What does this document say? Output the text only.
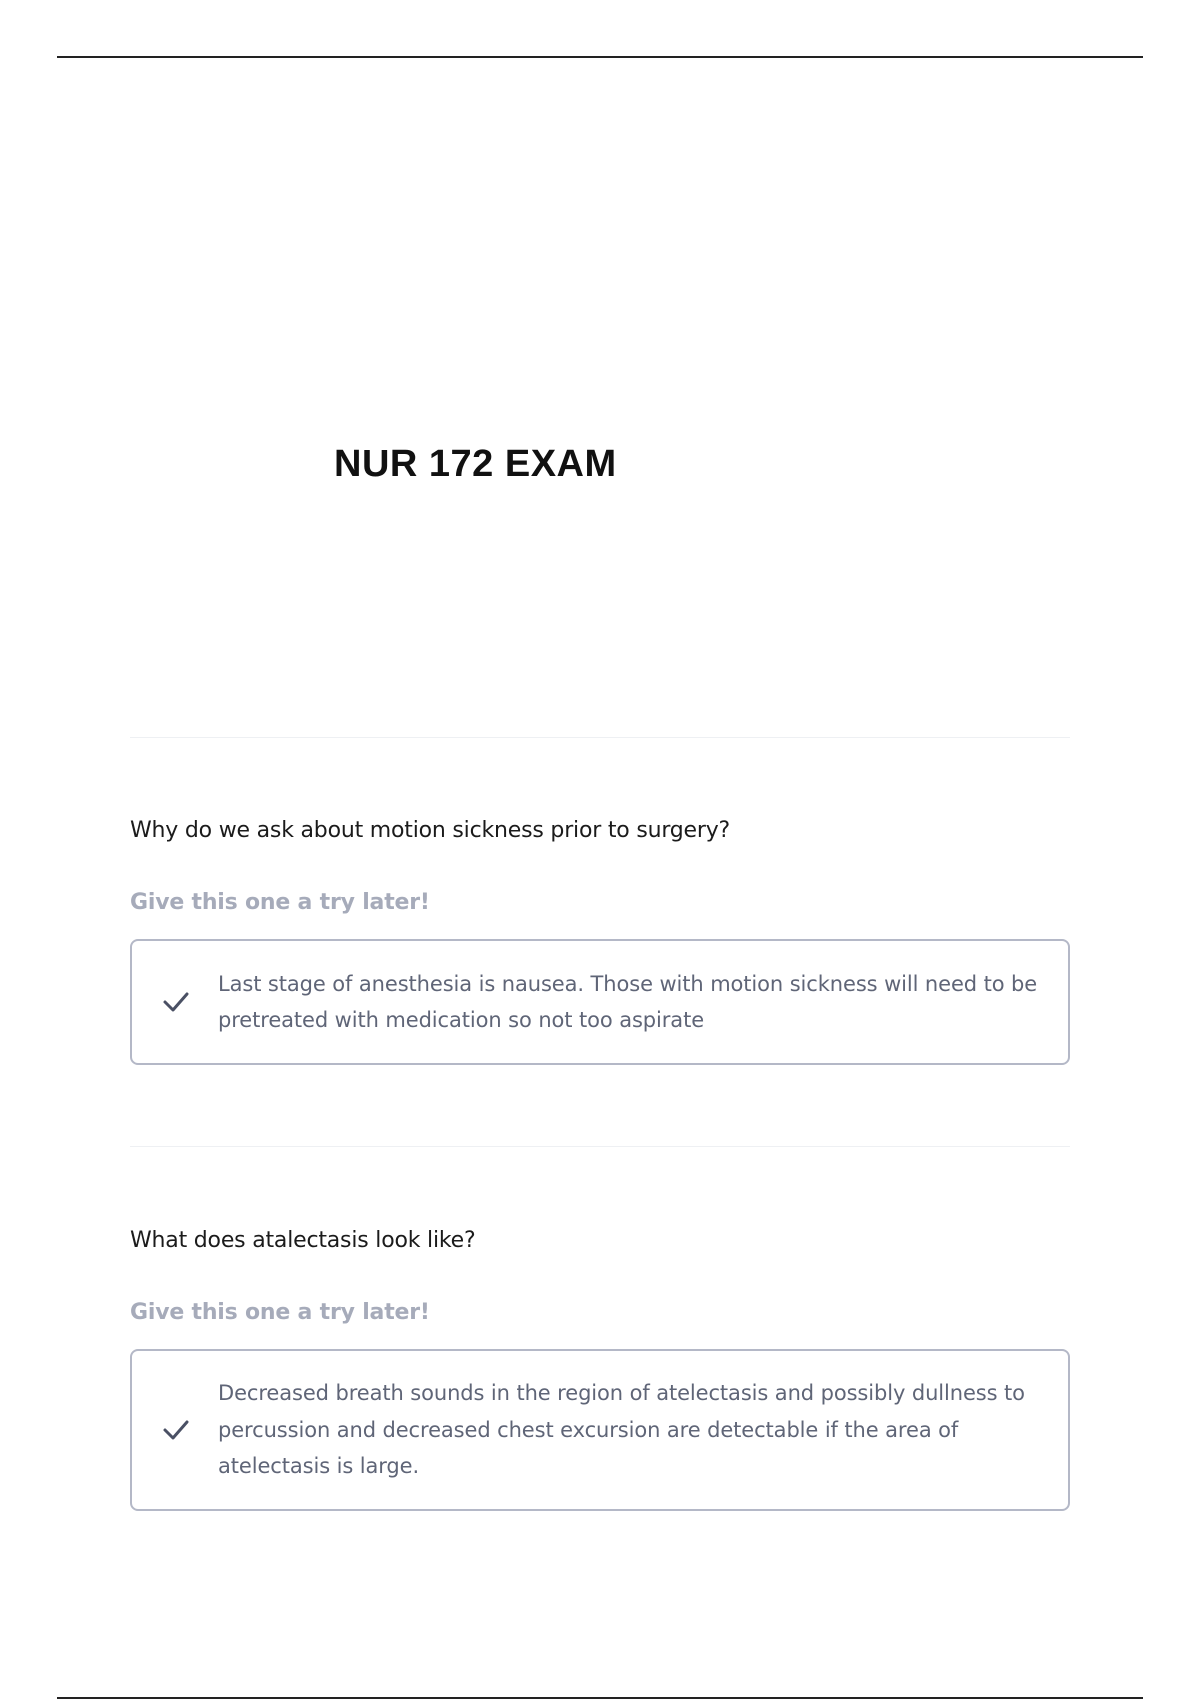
NUR 172 EXAM

Why do we ask about motion sickness prior to surgery?

Give this one a try later!

Last stage of anesthesia is nausea. Those with motion sickness will need to be pretreated with medication so not too aspirate

What does atalectasis look like?

Give this one a try later!

Decreased breath sounds in the region of atelectasis and possibly dullness to percussion and decreased chest excursion are detectable if the area of atelectasis is large.
